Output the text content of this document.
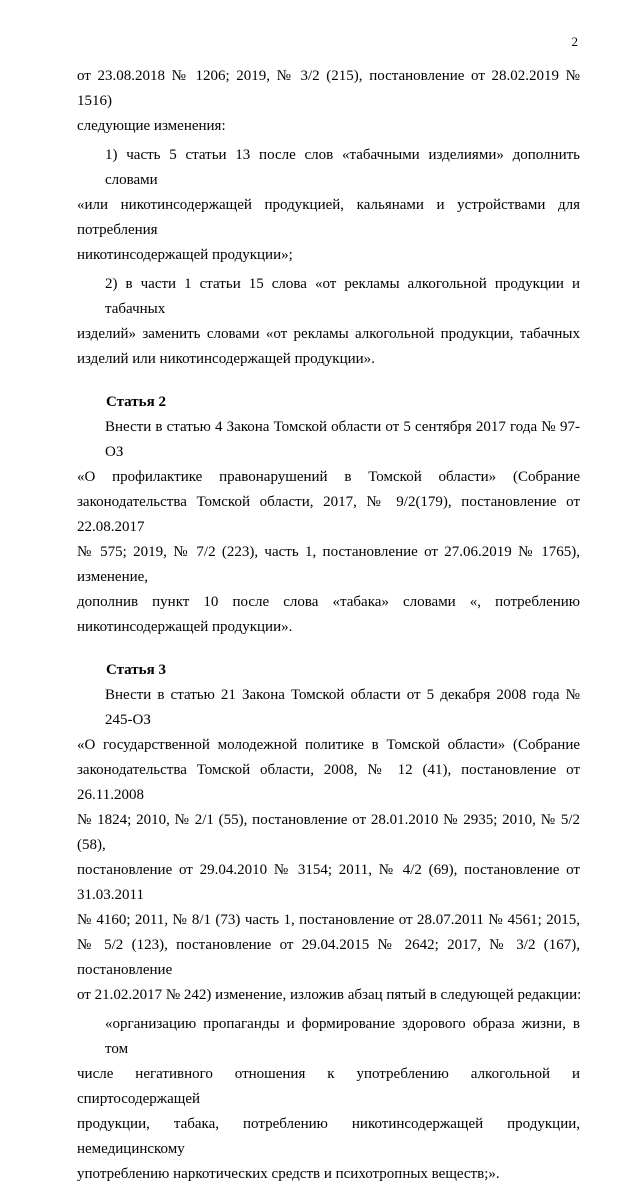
2
от 23.08.2018 № 1206; 2019, № 3/2 (215), постановление от 28.02.2019 № 1516)
следующие изменения:
1) часть 5 статьи 13 после слов «табачными изделиями» дополнить словами
«или никотинсодержащей продукцией, кальянами и устройствами для потребления
никотинсодержащей продукции»;
2) в части 1 статьи 15 слова «от рекламы алкогольной продукции и табачных
изделий» заменить словами «от рекламы алкогольной продукции, табачных
изделий или никотинсодержащей продукции».
Статья 2
Внести в статью 4 Закона Томской области от 5 сентября 2017 года № 97-ОЗ
«О профилактике правонарушений в Томской области» (Собрание
законодательства Томской области, 2017, № 9/2(179), постановление от 22.08.2017
№ 575; 2019, № 7/2 (223), часть 1, постановление от 27.06.2019 № 1765), изменение,
дополнив пункт 10 после слова «табака» словами «, потреблению
никотинсодержащей продукции».
Статья 3
Внести в статью 21 Закона Томской области от 5 декабря 2008 года № 245-ОЗ
«О государственной молодежной политике в Томской области» (Собрание
законодательства Томской области, 2008, № 12 (41), постановление от 26.11.2008
№ 1824; 2010, № 2/1 (55), постановление от 28.01.2010 № 2935; 2010, № 5/2 (58),
постановление от 29.04.2010 № 3154; 2011, № 4/2 (69), постановление от 31.03.2011
№ 4160; 2011, № 8/1 (73) часть 1, постановление от 28.07.2011 № 4561; 2015,
№ 5/2 (123), постановление от 29.04.2015 № 2642; 2017, № 3/2 (167), постановление
от 21.02.2017 № 242) изменение, изложив абзац пятый в следующей редакции:
«организацию пропаганды и формирование здорового образа жизни, в том
числе негативного отношения к употреблению алкогольной и спиртосодержащей
продукции, табака, потреблению никотинсодержащей продукции, немедицинскому
употреблению наркотических средств и психотропных веществ;».
